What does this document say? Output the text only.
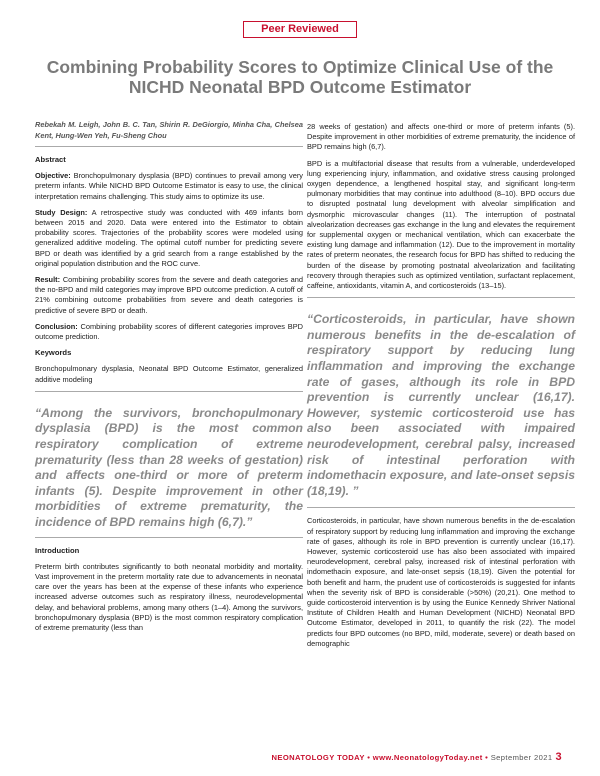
Peer Reviewed
Combining Probability Scores to Optimize Clinical Use of the NICHD Neonatal BPD Outcome Estimator

Rebekah M. Leigh, John B. C. Tan, Shirin R. DeGiorgio, Minha Cha, Chelsea Kent, Hung-Wen Yeh, Fu-Sheng Chou

Abstract

Objective: Bronchopulmonary dysplasia (BPD) continues to prevail among very preterm infants. While NICHD BPD Outcome Estimator is easy to use, the clinical interpretation remains challenging. This study aims to optimize its use.

Study Design: A retrospective study was conducted with 469 infants born between 2015 and 2020. Data were entered into the Estimator to obtain probability scores. Trajectories of the probability scores were modeled using generalized additive modeling. The optimal cutoff number for predicting severe BPD or death was identified by a grid search from a range established by the original population distribution and the ROC curve.

Result: Combining probability scores from the severe and death categories and the no-BPD and mild categories may improve BPD outcome prediction. A cutoff of 21% combining outcome probabilities from severe and death categories is predictive of severe BPD or death.

Conclusion: Combining probability scores of different categories improves BPD outcome prediction.

Keywords

Bronchopulmonary dysplasia, Neonatal BPD Outcome Estimator, generalized additive modeling

“Among the survivors, bronchopulmonary dysplasia (BPD) is the most common respiratory complication of extreme prematurity (less than 28 weeks of gestation) and affects one-third or more of preterm infants (5). Despite improvement in other morbidities of extreme prematurity, the incidence of BPD remains high (6,7).”

Introduction

Preterm birth contributes significantly to both neonatal morbidity and mortality. Vast improvement in the preterm mortality rate due to advancements in neonatal care over the years has been at the expense of these infants who experience increased adverse outcomes such as respiratory illness, neurodevelopmental delay, and behavioral problems, among many others (1–4). Among the survivors, bronchopulmonary dysplasia (BPD) is the most common respiratory complication of extreme prematurity (less than

28 weeks of gestation) and affects one-third or more of preterm infants (5). Despite improvement in other morbidities of extreme prematurity, the incidence of BPD remains high (6,7).

BPD is a multifactorial disease that results from a vulnerable, underdeveloped lung experiencing injury, inflammation, and oxidative stress causing prolonged oxygen dependence, a lengthened hospital stay, and significant long-term pulmonary morbidities that may continue into adulthood (8–10). BPD occurs due to disrupted postnatal lung development with alveolar simplification and dysmorphic microvascular changes (11). The interruption of postnatal alveolarization decreases gas exchange in the lung and elevates the requirement for supplemental oxygen or mechanical ventilation, which can exacerbate the existing lung damage and inflammation (12). Due to the improvement in mortality rates of preterm neonates, the research focus for BPD has shifted to reducing the burden of the disease by promoting postnatal alveolarization and facilitating recovery through therapies such as optimized ventilation, surfactant replacement, caffeine, antioxidants, vitamin A, and corticosteroids (13–15).

“Corticosteroids, in particular, have shown numerous benefits in the de-escalation of respiratory support by reducing lung inflammation and improving the exchange rate of gases, although its role in BPD prevention is currently unclear (16,17). However, systemic corticosteroid use has also been associated with impaired neurodevelopment, cerebral palsy, increased risk of intestinal perforation with indomethacin exposure, and late-onset sepsis (18,19). ”

Corticosteroids, in particular, have shown numerous benefits in the de-escalation of respiratory support by reducing lung inflammation and improving the exchange rate of gases, although its role in BPD prevention is currently unclear (16,17). However, systemic corticosteroid use has also been associated with impaired neurodevelopment, cerebral palsy, increased risk of intestinal perforation with indomethacin exposure, and late-onset sepsis (18,19). Given the potential for both benefit and harm, the prudent use of corticosteroids is suggested for infants when the severity risk of BPD is considerable (>50%) (20,21). One method to guide corticosteroid intervention is by using the Eunice Kennedy Shriver National Institute of Children Health and Human Development (NICHD) Neonatal BPD Outcome Estimator, developed in 2011, to quantify the risk (22). The model predicts four BPD outcomes (no BPD, mild, moderate, severe) or death based on demographic

NEONATOLOGY TODAY • www.NeonatologyToday.net • September 2021 3
